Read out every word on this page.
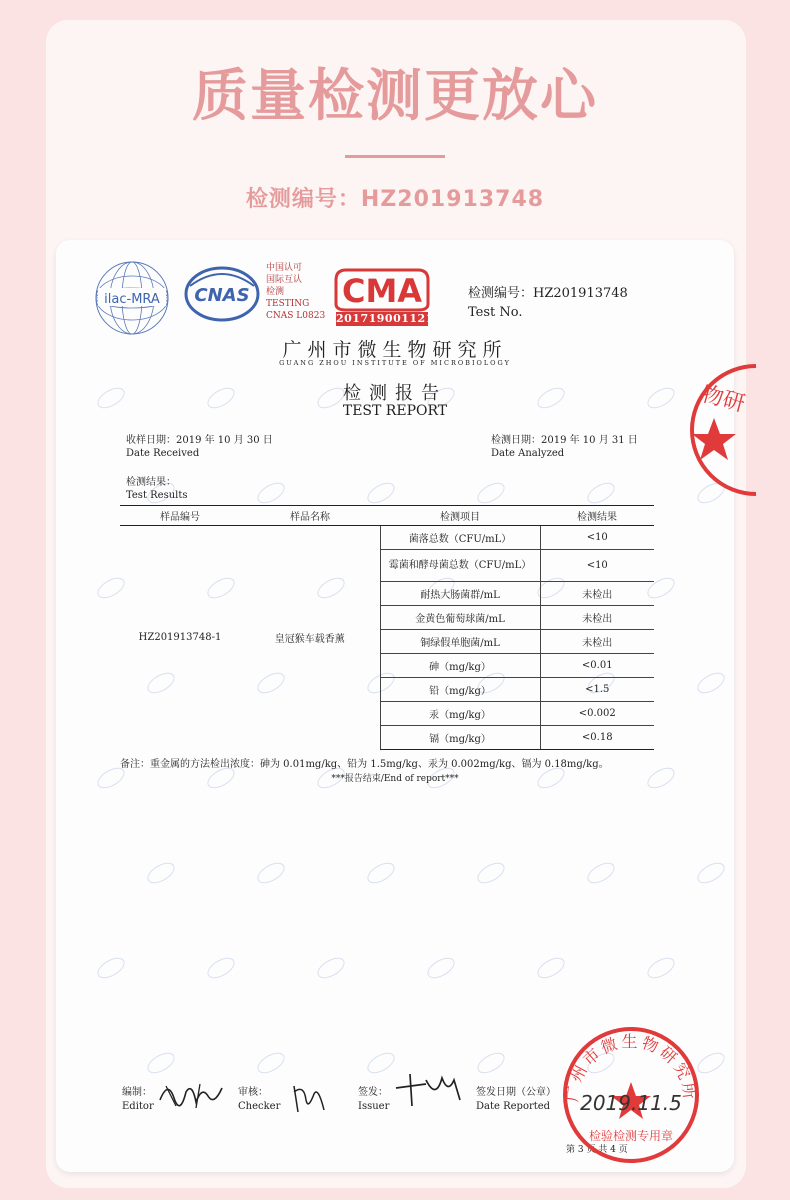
质量检测更放心
检测编号：HZ201913748
ilac-MRA CNAS
中国认可
国际互认
检测
TESTING
CNAS L0823
CMA
201719001121
检测编号：HZ201913748
Test No.
广州市微生物研究所
GUANG ZHOU INSTITUTE OF MICROBIOLOGY
检测报告
TEST REPORT
收样日期：2019 年 10 月 30 日
Date Received
检测日期：2019 年 10 月 31 日
Date Analyzed
检测结果：
Test Results
样品编号	样品名称	检测项目	检测结果
HZ201913748-1	皇冠猴车载香薰	菌落总数（CFU/mL）	<10
		霉菌和酵母菌总数（CFU/mL）	<10
		耐热大肠菌群/mL	未检出
		金黄色葡萄球菌/mL	未检出
		铜绿假单胞菌/mL	未检出
		砷（mg/kg）	<0.01
		铅（mg/kg）	<1.5
		汞（mg/kg）	<0.002
		镉（mg/kg）	<0.18
备注：重金属的方法检出浓度：砷为 0.01mg/kg、铅为 1.5mg/kg、汞为 0.002mg/kg、镉为 0.18mg/kg。
***报告结束/End of report***
编制：
Editor
审核：
Checker
签发：
Issuer
签发日期（公章）
Date Reported
第 3 页 共 4 页
广州市微生物研究所
2019.11.5
检验检测专用章
物研
